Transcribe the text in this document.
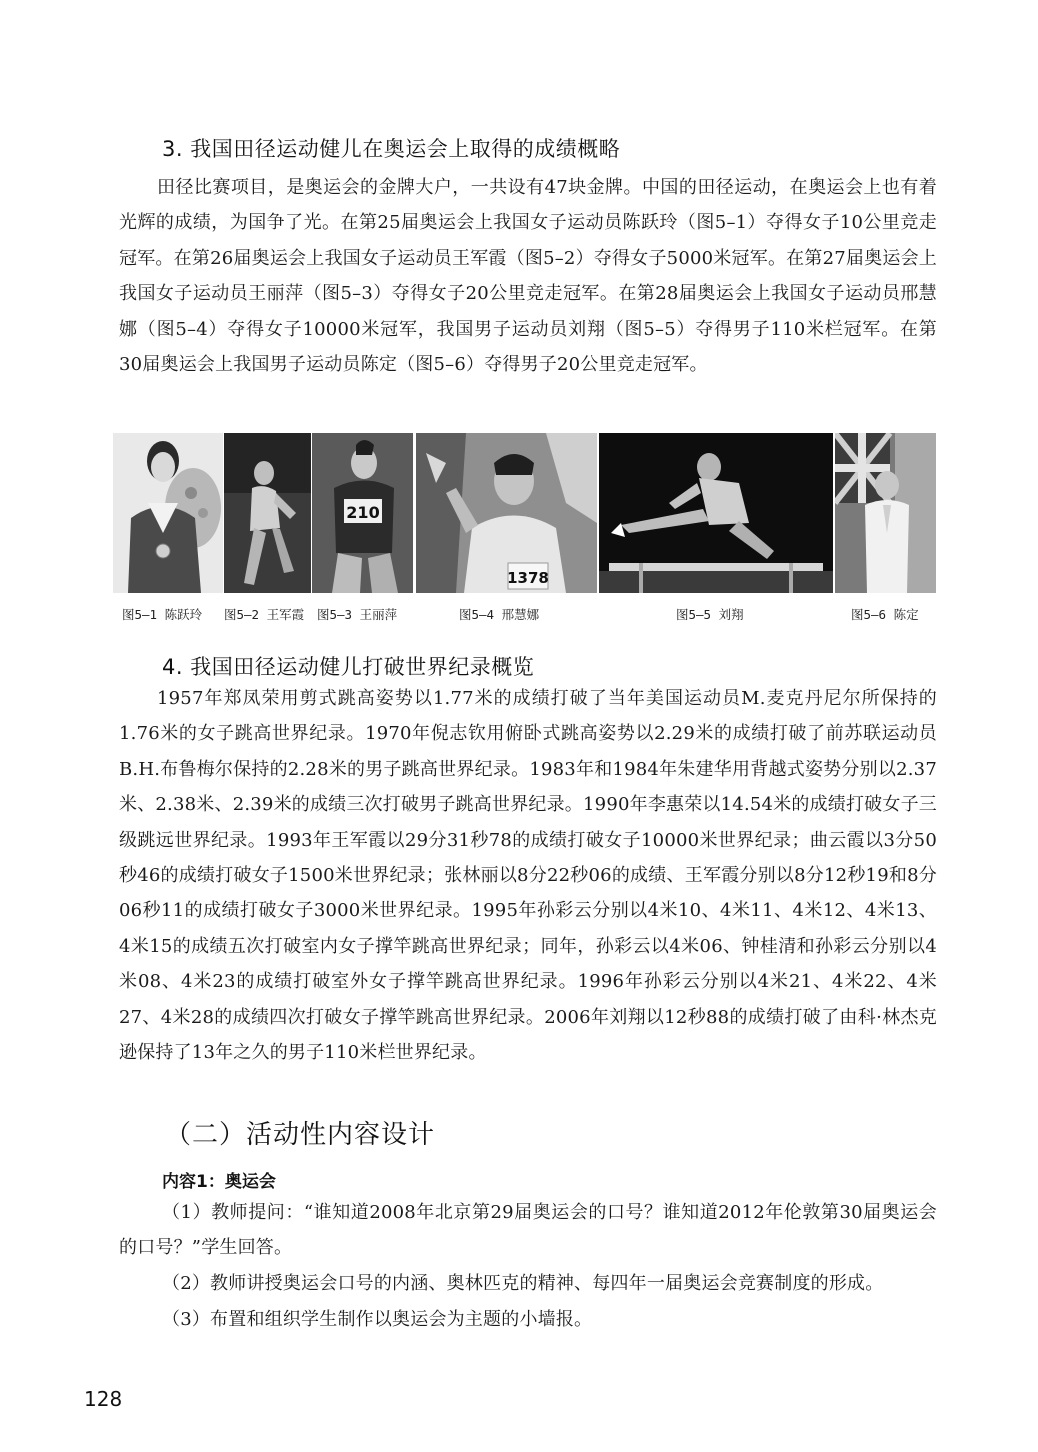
3. 我国田径运动健儿在奥运会上取得的成绩概略

田径比赛项目，是奥运会的金牌大户，一共设有47块金牌。中国的田径运动，在奥运会上也有着光辉的成绩，为国争了光。在第25届奥运会上我国女子运动员陈跃玲（图5–1）夺得女子10公里竞走冠军。在第26届奥运会上我国女子运动员王军霞（图5–2）夺得女子5000米冠军。在第27届奥运会上我国女子运动员王丽萍（图5–3）夺得女子20公里竞走冠军。在第28届奥运会上我国女子运动员邢慧娜（图5–4）夺得女子10000米冠军，我国男子运动员刘翔（图5–5）夺得男子110米栏冠军。在第30届奥运会上我国男子运动员陈定（图5–6）夺得男子20公里竞走冠军。

210
1378
图5–1 陈跃玲 图5–2 王军霞 图5–3 王丽萍	图5–4 邢慧娜	图5–5 刘翔	图5–6 陈定
4. 我国田径运动健儿打破世界纪录概览

1957年郑凤荣用剪式跳高姿势以1.77米的成绩打破了当年美国运动员M.麦克丹尼尔所保持的1.76米的女子跳高世界纪录。1970年倪志钦用俯卧式跳高姿势以2.29米的成绩打破了前苏联运动员B.H.布鲁梅尔保持的2.28米的男子跳高世界纪录。1983年和1984年朱建华用背越式姿势分别以2.37米、2.38米、2.39米的成绩三次打破男子跳高世界纪录。1990年李惠荣以14.54米的成绩打破女子三级跳远世界纪录。1993年王军霞以29分31秒78的成绩打破女子10000米世界纪录；曲云霞以3分50秒46的成绩打破女子1500米世界纪录；张林丽以8分22秒06的成绩、王军霞分别以8分12秒19和8分06秒11的成绩打破女子3000米世界纪录。1995年孙彩云分别以4米10、4米11、4米12、4米13、4米15的成绩五次打破室内女子撑竿跳高世界纪录；同年，孙彩云以4米06、钟桂清和孙彩云分别以4米08、4米23的成绩打破室外女子撑竿跳高世界纪录。1996年孙彩云分别以4米21、4米22、4米27、4米28的成绩四次打破女子撑竿跳高世界纪录。2006年刘翔以12秒88的成绩打破了由科·林杰克逊保持了13年之久的男子110米栏世界纪录。

（二）活动性内容设计
内容1：奥运会

（1）教师提问：“谁知道2008年北京第29届奥运会的口号？谁知道2012年伦敦第30届奥运会的口号？”学生回答。

（2）教师讲授奥运会口号的内涵、奥林匹克的精神、每四年一届奥运会竞赛制度的形成。

（3）布置和组织学生制作以奥运会为主题的小墙报。

128
